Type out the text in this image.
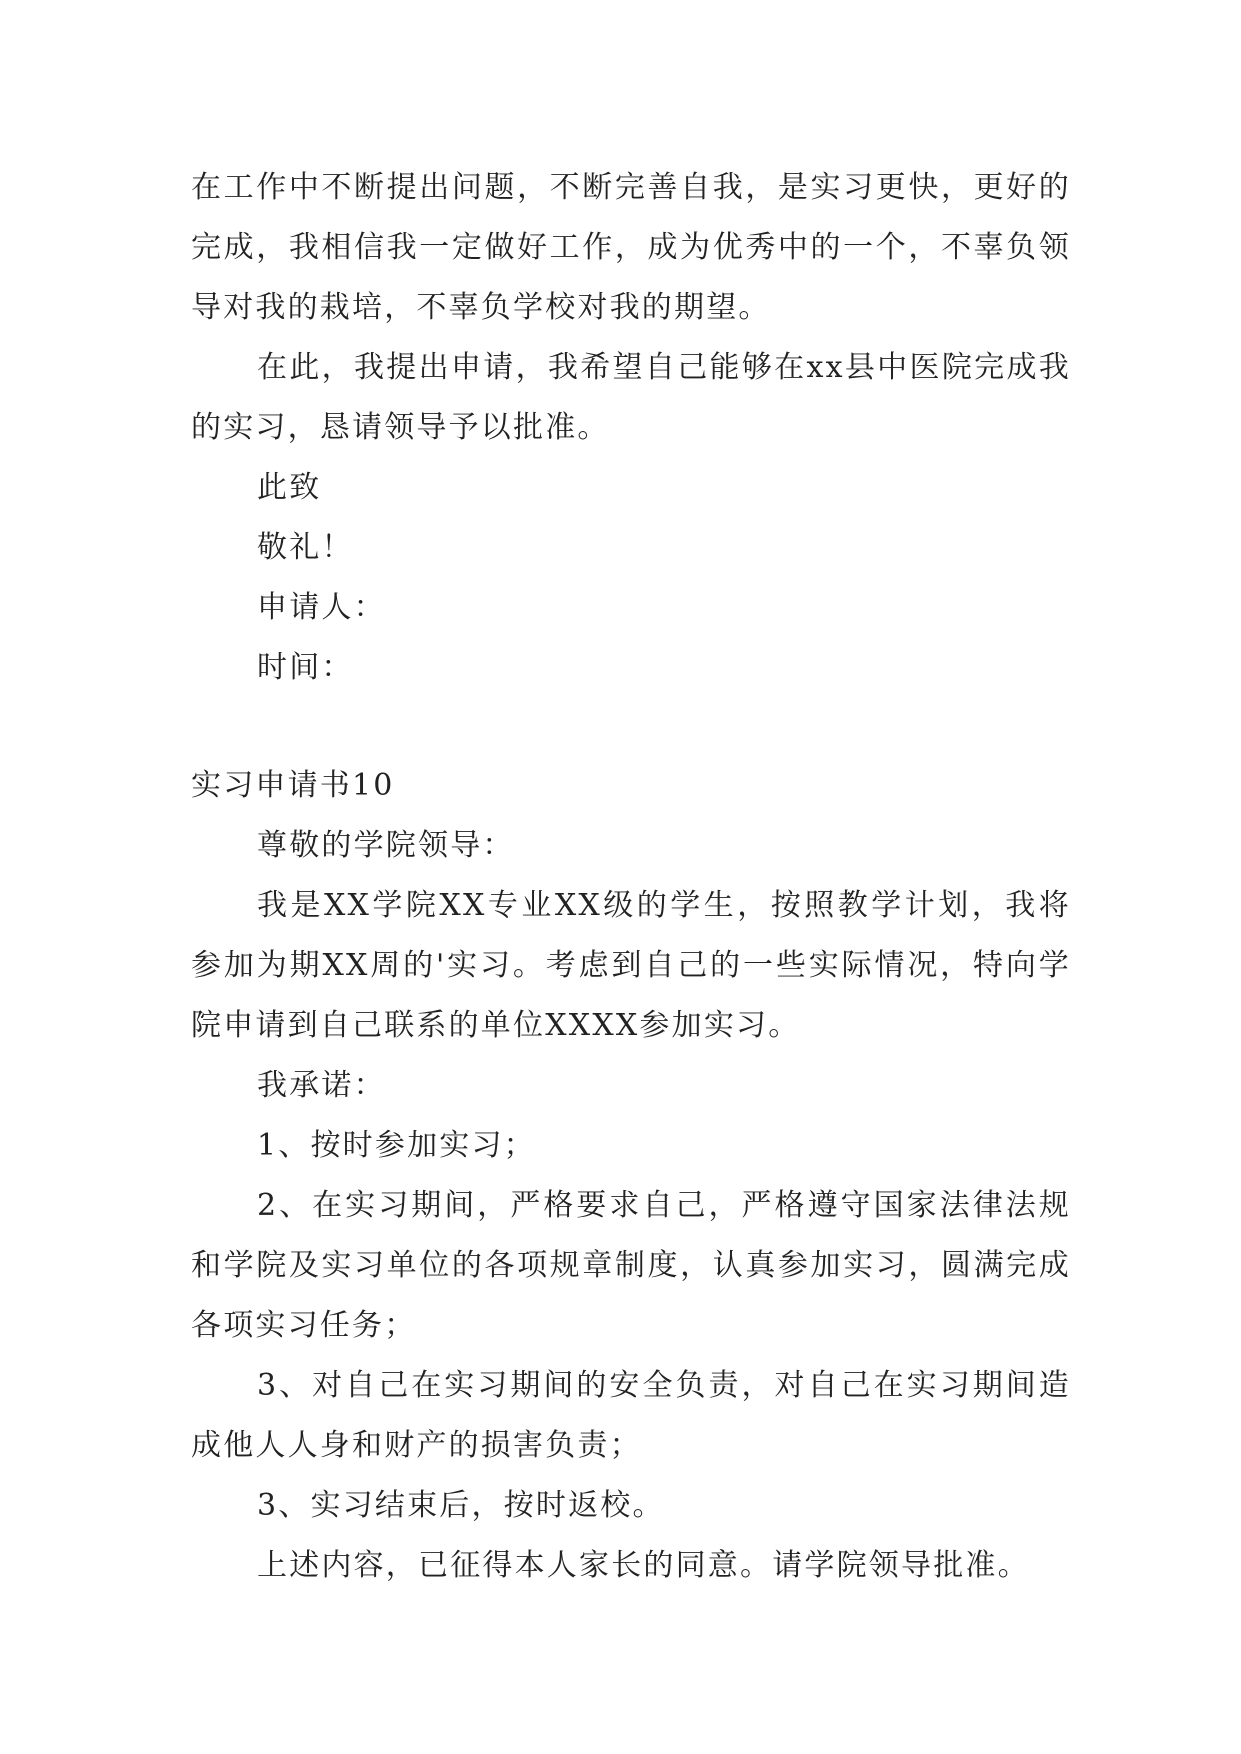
在工作中不断提出问题，不断完善自我，是实习更快，更好的完成，我相信我一定做好工作，成为优秀中的一个，不辜负领导对我的栽培，不辜负学校对我的期望。

在此，我提出申请，我希望自己能够在xx县中医院完成我的实习，恳请领导予以批准。

此致

敬礼！

申请人：

时间：

实习申请书10

尊敬的学院领导：

我是XX学院XX专业XX级的学生，按照教学计划，我将参加为期XX周的'实习。考虑到自己的一些实际情况，特向学院申请到自己联系的单位XXXX参加实习。

我承诺：

1、按时参加实习；

2、在实习期间，严格要求自己，严格遵守国家法律法规和学院及实习单位的各项规章制度，认真参加实习，圆满完成各项实习任务；

3、对自己在实习期间的安全负责，对自己在实习期间造成他人人身和财产的损害负责；

3、实习结束后，按时返校。

上述内容，已征得本人家长的同意。请学院领导批准。
